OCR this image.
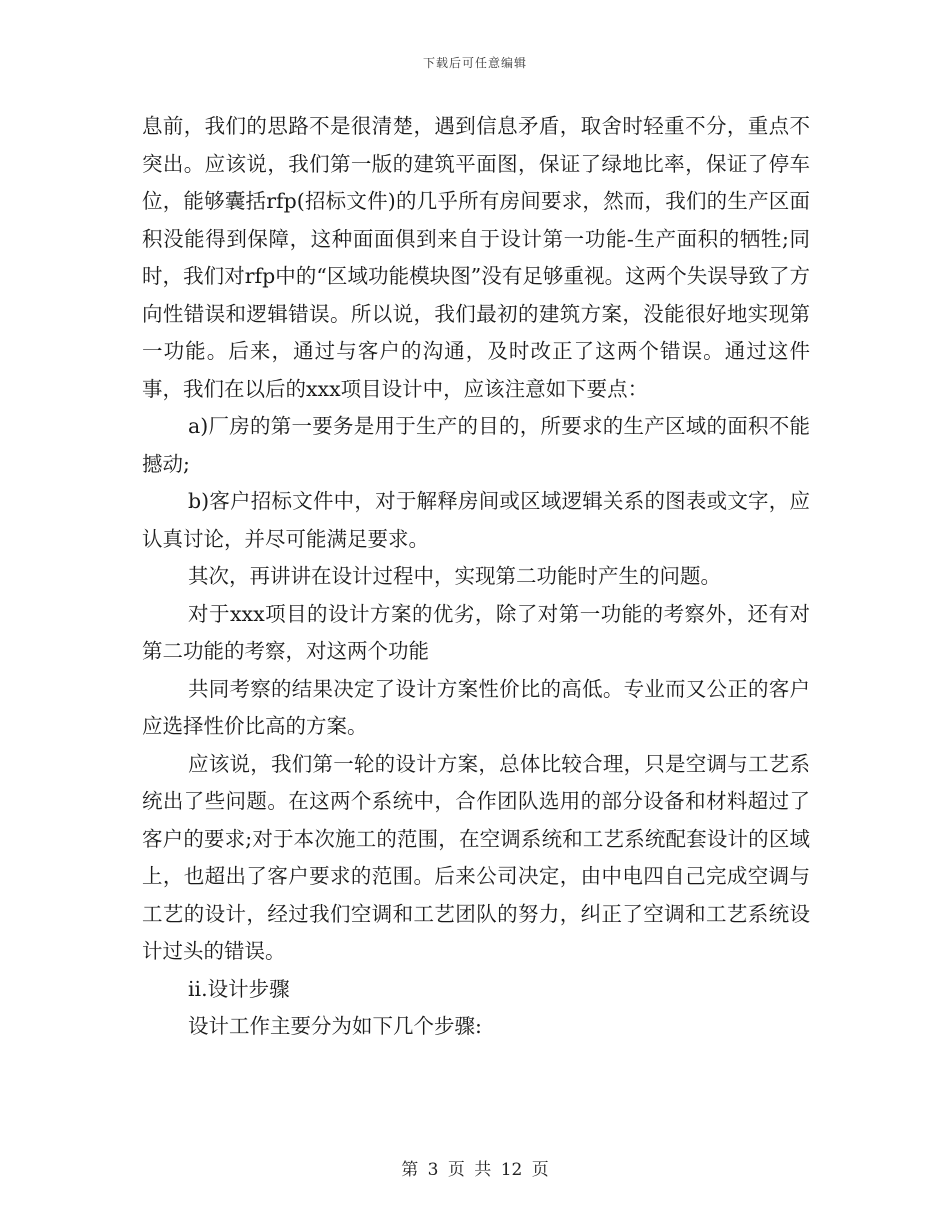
下载后可任意编辑

息前，我们的思路不是很清楚，遇到信息矛盾，取舍时轻重不分，重点不突出。应该说，我们第一版的建筑平面图，保证了绿地比率，保证了停车位，能够囊括rfp(招标文件)的几乎所有房间要求，然而，我们的生产区面积没能得到保障，这种面面俱到来自于设计第一功能-生产面积的牺牲;同时，我们对rfp中的“区域功能模块图”没有足够重视。这两个失误导致了方向性错误和逻辑错误。所以说，我们最初的建筑方案，没能很好地实现第一功能。后来，通过与客户的沟通，及时改正了这两个错误。通过这件事，我们在以后的xxx项目设计中，应该注意如下要点：

a)厂房的第一要务是用于生产的目的，所要求的生产区域的面积不能撼动;

b)客户招标文件中，对于解释房间或区域逻辑关系的图表或文字，应认真讨论，并尽可能满足要求。

其次，再讲讲在设计过程中，实现第二功能时产生的问题。

对于xxx项目的设计方案的优劣，除了对第一功能的考察外，还有对第二功能的考察，对这两个功能

共同考察的结果决定了设计方案性价比的高低。专业而又公正的客户应选择性价比高的方案。

应该说，我们第一轮的设计方案，总体比较合理，只是空调与工艺系统出了些问题。在这两个系统中，合作团队选用的部分设备和材料超过了客户的要求;对于本次施工的范围，在空调系统和工艺系统配套设计的区域上，也超出了客户要求的范围。后来公司决定，由中电四自己完成空调与工艺的设计，经过我们空调和工艺团队的努力，纠正了空调和工艺系统设计过头的错误。

ii.设计步骤

设计工作主要分为如下几个步骤:

第 3 页 共 12 页
